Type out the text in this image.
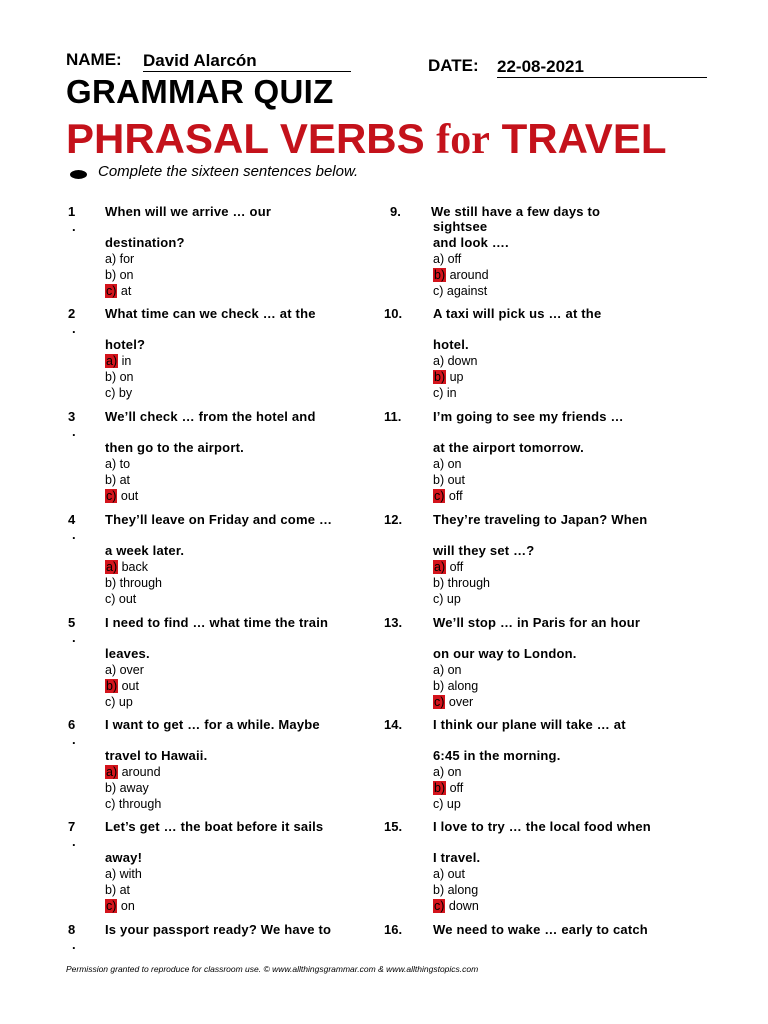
NAME: David Alarcón	DATE: 22-08-2021
GRAMMAR QUIZ
PHRASAL VERBS for TRAVEL
Complete the sixteen sentences below.
1
.
When will we arrive … our
destination?
a) for
b) on
c) at
2
.
What time can we check … at the
hotel?
a) in
b) on
c) by
3
.
We’ll check … from the hotel and
then go to the airport.
a) to
b) at
c) out
4
.
They’ll leave on Friday and come …
a week later.
a) back
b) through
c) out
5
.
I need to find … what time the train
leaves.
a) over
b) out
c) up
6
.
I want to get … for a while. Maybe
travel to Hawaii.
a) around
b) away
c) through
7
.
Let’s get … the boat before it sails
away!
a) with
b) at
c) on
8
.
Is your passport ready? We have to
9. We still have a few days to
sightsee
and look ….
a) off
b) around
c) against
10. A taxi will pick us … at the
hotel.
a) down
b) up
c) in
11. I’m going to see my friends …
at the airport tomorrow.
a) on
b) out
c) off
12. They’re traveling to Japan? When
will they set …?
a) off
b) through
c) up
13. We’ll stop … in Paris for an hour
on our way to London.
a) on
b) along
c) over
14. I think our plane will take … at
6:45 in the morning.
a) on
b) off
c) up
15. I love to try … the local food when
I travel.
a) out
b) along
c) down
16. We need to wake … early to catch
Permission granted to reproduce for classroom use. © www.allthingsgrammar.com & www.allthingstopics.com
